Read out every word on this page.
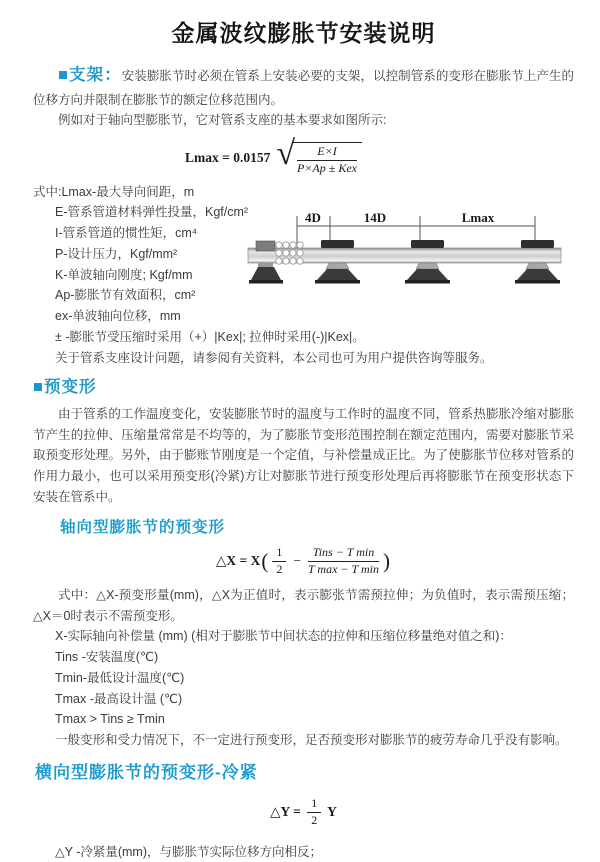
金属波纹膨胀节安装说明

■支架：安装膨胀节时必须在管系上安装必要的支架，以控制管系的变形在膨胀节上产生的位移方向并限制在膨胀节的额定位移范围内。

例如对于轴向型膨胀节，它对管系支座的基本要求如图所示:

Lmax = 0.0157 √ $\frac{E\times I}{\text{P×Ap ± Kex}}$
式中:Lmax-最大导向间距，m
E-管系管道材料弹性投量，Kgf/cm²
I-管系管道的惯性矩，cm⁴
P-设计压力，Kgf/mm²
K-单波轴向刚度; Kgf/mm
Ap-膨胀节有效面积，cm²
ex-单波轴向位移，mm
4D	14D	Lmax
± -膨胀节受压缩时采用（+）|Kex|; 拉伸时采用(-)|Kex|。
关于管系支座设计问题，请参阅有关资料，本公司也可为用户提供咨询等服务。
■预变形

由于管系的工作温度变化，安装膨胀节时的温度与工作时的温度不同，管系热膨胀冷缩对膨胀节产生的拉伸、压缩量常常是不均等的，为了膨胀节变形范围控制在额定范围内，需要对膨胀节采取预变形处理。另外，由于膨账节刚度是一个定值，与补偿量成正比。为了使膨胀节位移对管系的作用力最小，也可以采用预变形(冷紧)方让对膨胀节进行预变形处理后再将膨胀节在预变形状态下安装在管系中。

轴向型膨胀节的预变形
△X = X ( $\frac{1}{2} - \frac{\text{Tins − T min}}{\text{T max − T min}}$ )

式中：△X-预变形量(mm)，△X为正值时，表示膨张节需预拉伸；为负值时，表示需预压缩；△X＝0时表示不需预变形。

X-实际轴向补偿量 (mm) (相对于膨胀节中间状态的拉伸和压缩位移量绝对值之和)：
Tins -安装温度(℃)
Tmin-最低设计温度(℃)
Tmax -最高设计温 (℃)
Tmax > Tins ≥ Tmin
一般变形和受力情况下，不一定进行预变形，足否预变形对膨胀节的疲劳寿命几乎没有影响。
横向型膨胀节的预变形-冷紧
△Y = $\frac{1}{2}$ Y
△Y -冷紧量(mm)，与膨胀节实际位移方向相反；
